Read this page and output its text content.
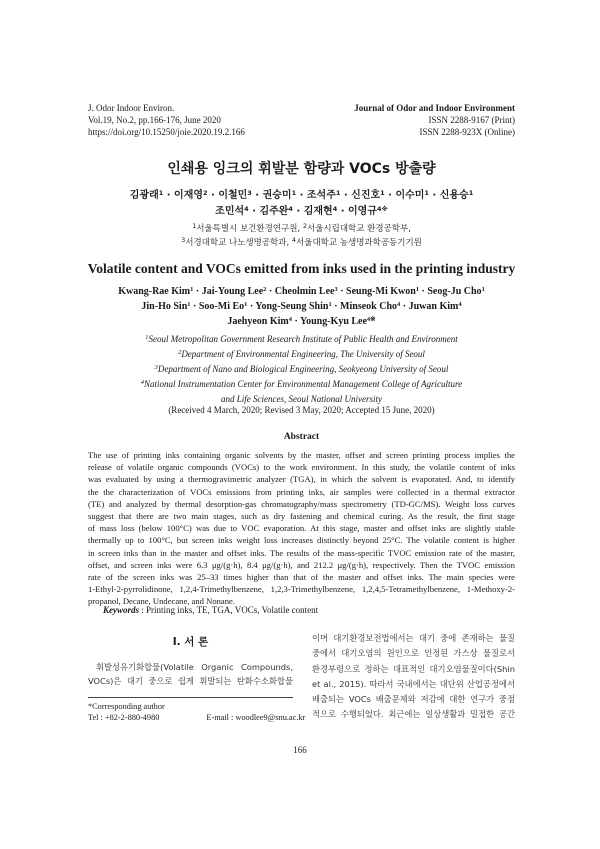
J. Odor Indoor Environ.
Vol.19, No.2, pp.166-176, June 2020
https://doi.org/10.15250/joie.2020.19.2.166
Journal of Odor and Indoor Environment
ISSN 2288-9167 (Print)
ISSN 2288-923X (Online)
인쇄용 잉크의 휘발분 함량과 VOCs 방출량
김광래$^1$ · 이재영$^2$ · 이철민$^3$ · 권승미$^1$ · 조석주$^1$ · 신진호$^1$ · 이수미$^1$ · 신용승$^1$
조민석$^4$ · 김주완$^4$ · 김재현$^4$ · 이영규$^{4※}$
$^1$서울특별시 보건환경연구원, $^2$서울시립대학교 환경공학부,
$^3$서경대학교 나노생명공학과, $^4$서울대학교 농생명과학공동기기원
Volatile content and VOCs emitted from inks used in the printing industry
Kwang-Rae Kim$^1$ · Jai-Young Lee$^2$ · Cheolmin Lee$^3$ · Seung-Mi Kwon$^1$ · Seog-Ju Cho$^1$
Jin-Ho Sin$^1$ · Soo-Mi $Eo^1$ · Yong-Seung Shin$^1$ · Minseok Cho$^4$ · Juwan Kim$^4$
Jaehyeon Kim$^4$ · Young-Kyu Lee$^{4※}$
$^1$Seoul Metropolitan Government Research Institute of Public Health and Environment
$^2$Department of Environmental Engineering, The University of Seoul
$^3$Department of Nano and Biological Engineering, Seokyeong University of Seoul
$^4$National Instrumentation Center for Environmental Management College of Agriculture
and Life Sciences, Seoul National University
(Received 4 March, 2020; Revised 3 May, 2020; Accepted 15 June, 2020)
Abstract
The use of printing inks containing organic solvents by the master, offset and screen printing process implies the
release of volatile organic compounds (VOCs) to the work environment. In this study, the volatile content of inks
was evaluated by using a thermogravimetric analyzer (TGA), in which the solvent is evaporated. And, to identify
the the characterization of VOCs emissions from printing inks, air samples were collected in a thermal extractor
(TE) and analyzed by thermal desorption-gas chromatography/mass spectrometry (TD-GC/MS). Weight loss curves
suggest that there are two main stages, such as dry fastening and chemical curing. As the result, the first stage
of mass loss (below 100°C) was due to VOC evaporation. At this stage, master and offset inks are slightly stable
thermally up to 100°C, but screen inks weight loss increases distinctly beyond 25°C. The volatile content is higher
in screen inks than in the master and offset inks. The results of the mass-specific TVOC emission rate of the master,
offset, and screen inks were 6.3 μg/(g·h), 8.4 μg/(g·h), and 212.2 μg/(g·h), respectively. Then the TVOC emission
rate of the screen inks was 25–33 times higher than that of the master and offset inks. The main species were
1-Ethyl-2-pyrrolidinone, 1,2,4-Trimethylbenzene, 1,2,3-Trimethylbenzene, 1,2,4,5-Tetramethylbenzene, 1-Methoxy-2-
propanol, Decane, Undecane, and Nonane.
Keywords : Printing inks, TE, TGA, VOCs, Volatile content
I. 서 론
휘발성유기화합물(Volatile Organic Compounds,
VOCs)은 대기 중으로 쉽게 휘발되는 탄화수소화합물
*Corresponding author
Tel : +82-2-880-4980	E-mail : woodlee9@snu.ac.kr
이며 대기환경보전법에서는 대기 중에 존재하는 물질
중에서 대기오염의 원인으로 인정된 가스상 물질로서
환경부령으로 정하는 대표적인 대기오염물질이다(Shin
et al., 2015). 따라서 국내에서는 대단위 산업공정에서
배출되는 VOCs 배출문제와 저감에 대한 연구가 중점
적으로 수행되었다. 최근에는 일상생활과 밀접한 공간
166
